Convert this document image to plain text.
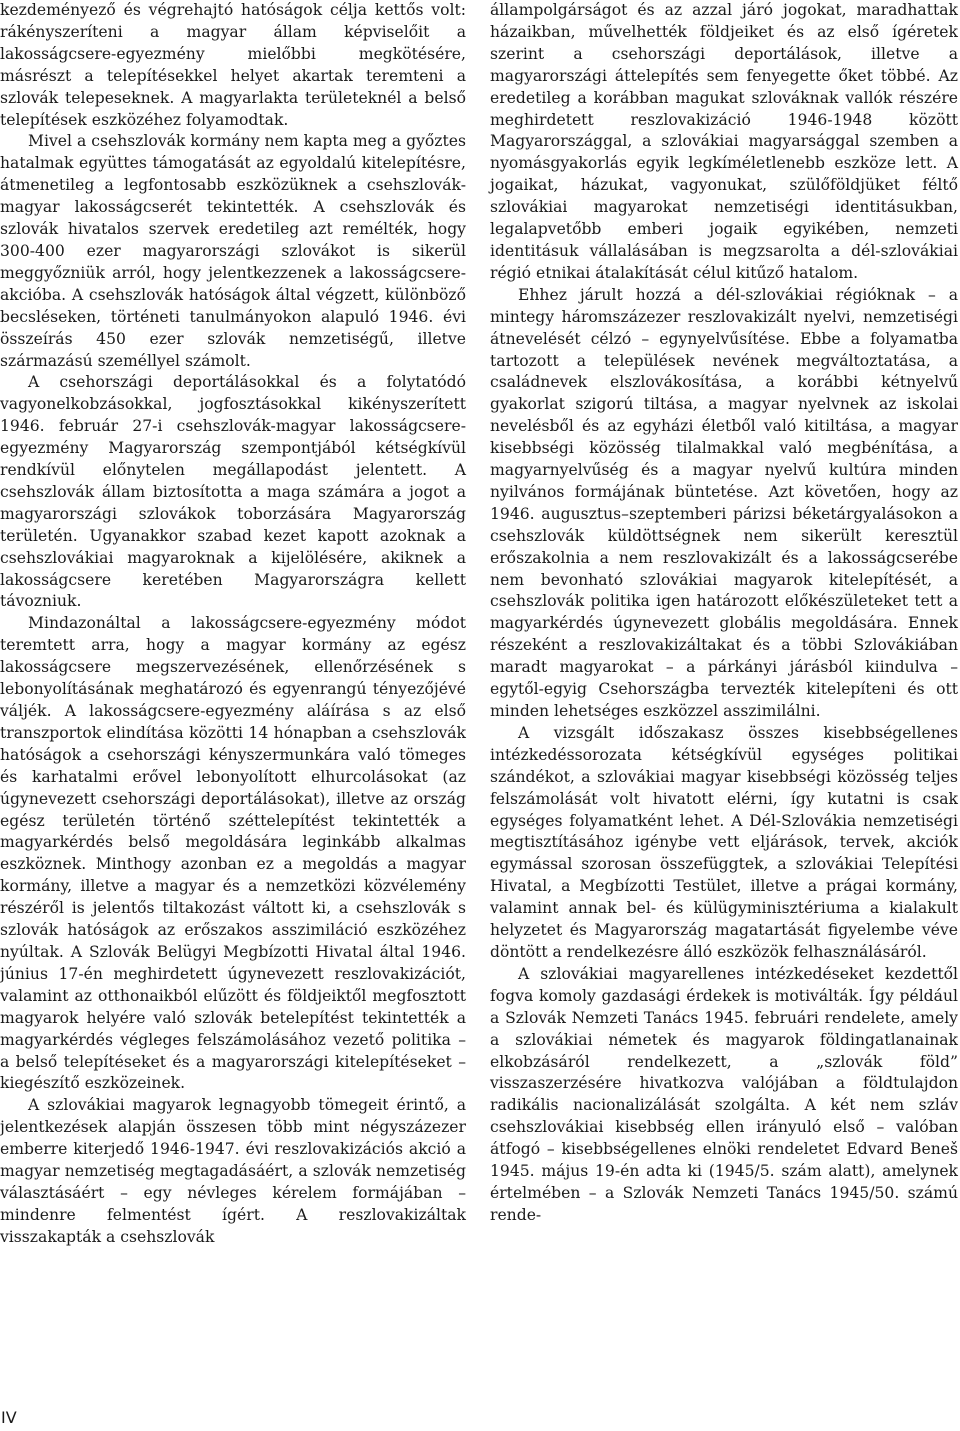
kezdeményező és végrehajtó hatóságok célja kettős volt: rákényszeríteni a magyar állam képviselőit a lakosságcsere-egyezmény mielőbbi megkötésére, másrészt a telepítésekkel helyet akartak teremteni a szlovák telepeseknek. A magyarlakta területeknél a belső telepítések eszközéhez folyamodtak.

Mivel a csehszlovák kormány nem kapta meg a győztes hatalmak együttes támogatását az egyoldalú kitelepítésre, átmenetileg a legfontosabb eszközüknek a csehszlovák-magyar lakosságcserét tekintették. A csehszlovák és szlovák hivatalos szervek eredetileg azt remélték, hogy 300-400 ezer magyarországi szlovákot is sikerül meggyőzniük arról, hogy jelentkezzenek a lakosságcsere-akcióba. A csehszlovák hatóságok által végzett, különböző becsléseken, történeti tanulmányokon alapuló 1946. évi összeírás 450 ezer szlovák nemzetiségű, illetve származású személlyel számolt.

A csehországi deportálásokkal és a folytatódó vagyonelkobzásokkal, jogfosztásokkal kikényszerített 1946. február 27-i csehszlovák-magyar lakosságcsere-egyezmény Magyarország szempontjából kétségkívül rendkívül előnytelen megállapodást jelentett. A csehszlovák állam biztosította a maga számára a jogot a magyarországi szlovákok toborzására Magyarország területén. Ugyanakkor szabad kezet kapott azoknak a csehszlovákiai magyaroknak a kijelölésére, akiknek a lakosságcsere keretében Magyarországra kellett távozniuk.

Mindazonáltal a lakosságcsere-egyezmény módot teremtett arra, hogy a magyar kormány az egész lakosságcsere megszervezésének, ellenőrzésének s lebonyolításának meghatározó és egyenrangú tényezőjévé váljék. A lakosságcsere-egyezmény aláírása s az első transzportok elindítása közötti 14 hónapban a csehszlovák hatóságok a csehországi kényszermunkára való tömeges és karhatalmi erővel lebonyolított elhurcolásokat (az úgynevezett csehországi deportálásokat), illetve az ország egész területén történő széttelepítést tekintették a magyarkérdés belső megoldására leginkább alkalmas eszköznek. Minthogy azonban ez a megoldás a magyar kormány, illetve a magyar és a nemzetközi közvélemény részéről is jelentős tiltakozást váltott ki, a csehszlovák s szlovák hatóságok az erőszakos asszimiláció eszközéhez nyúltak. A Szlovák Belügyi Megbízotti Hivatal által 1946. június 17-én meghirdetett úgynevezett reszlovakizációt, valamint az otthonaikból elűzött és földjeiktől megfosztott magyarok helyére való szlovák betelepítést tekintették a magyarkérdés végleges felszámolásához vezető politika – a belső telepítéseket és a magyarországi kitelepítéseket – kiegészítő eszközeinek.

A szlovákiai magyarok legnagyobb tömegeit érintő, a jelentkezések alapján összesen több mint négyszázezer emberre kiterjedő 1946-1947. évi reszlovakizációs akció a magyar nemzetiség megtagadásáért, a szlovák nemzetiség választásáért – egy névleges kérelem formájában – mindenre felmentést ígért. A reszlovakizáltak visszakapták a csehszlovák

állampolgárságot és az azzal járó jogokat, maradhattak házaikban, művelhették földjeiket és az első ígéretek szerint a csehországi deportálások, illetve a magyarországi áttelepítés sem fenyegette őket többé. Az eredetileg a korábban magukat szlováknak vallók részére meghirdetett reszlovakizáció 1946-1948 között Magyarországgal, a szlovákiai magyarsággal szemben a nyomásgyakorlás egyik legkíméletlenebb eszköze lett. A jogaikat, házukat, vagyonukat, szülőföldjüket féltő szlovákiai magyarokat nemzetiségi identitásukban, legalapvetőbb emberi jogaik egyikében, nemzeti identitásuk vállalásában is megzsarolta a dél-szlovákiai régió etnikai átalakítását célul kitűző hatalom.

Ehhez járult hozzá a dél-szlovákiai régióknak – a mintegy háromszázezer reszlovakizált nyelvi, nemzetiségi átnevelését célzó – egynyelvűsítése. Ebbe a folyamatba tartozott a települések nevének megváltoztatása, a családnevek elszlovákosítása, a korábbi kétnyelvű gyakorlat szigorú tiltása, a magyar nyelvnek az iskolai nevelésből és az egyházi életből való kitiltása, a magyar kisebbségi közösség tilalmakkal való megbénítása, a magyarnyelvűség és a magyar nyelvű kultúra minden nyilvános formájának büntetése. Azt követően, hogy az 1946. augusztus–szeptemberi párizsi béketárgyalásokon a csehszlovák küldöttségnek nem sikerült keresztül erőszakolnia a nem reszlovakizált és a lakosságcserébe nem bevonható szlovákiai magyarok kitelepítését, a csehszlovák politika igen határozott előkészületeket tett a magyarkérdés úgynevezett globális megoldására. Ennek részeként a reszlovakizáltakat és a többi Szlovákiában maradt magyarokat – a párkányi járásból kiindulva – egytől-egyig Csehországba tervezték kitelepíteni és ott minden lehetséges eszközzel asszimilálni.

A vizsgált időszakasz összes kisebbségellenes intézkedéssorozata kétségkívül egységes politikai szándékot, a szlovákiai magyar kisebbségi közösség teljes felszámolását volt hivatott elérni, így kutatni is csak egységes folyamatként lehet. A Dél-Szlovákia nemzetiségi megtisztításához igénybe vett eljárások, tervek, akciók egymással szorosan összefüggtek, a szlovákiai Telepítési Hivatal, a Megbízotti Testület, illetve a prágai kormány, valamint annak bel- és külügyminisztériuma a kialakult helyzetet és Magyarország magatartását figyelembe véve döntött a rendelkezésre álló eszközök felhasználásáról.

A szlovákiai magyarellenes intézkedéseket kezdettől fogva komoly gazdasági érdekek is motiválták. Így például a Szlovák Nemzeti Tanács 1945. februári rendelete, amely a szlovákiai németek és magyarok földingatlanainak elkobzásáról rendelkezett, a „szlovák föld” visszaszerzésére hivatkozva valójában a földtulajdon radikális nacionalizálását szolgálta. A két nem szláv csehszlovákiai kisebbség ellen irányuló első – valóban átfogó – kisebbségellenes elnöki rendeletet Edvard Beneš 1945. május 19-én adta ki (1945/5. szám alatt), amelynek értelmében – a Szlovák Nemzeti Tanács 1945/50. számú rende-

IV
